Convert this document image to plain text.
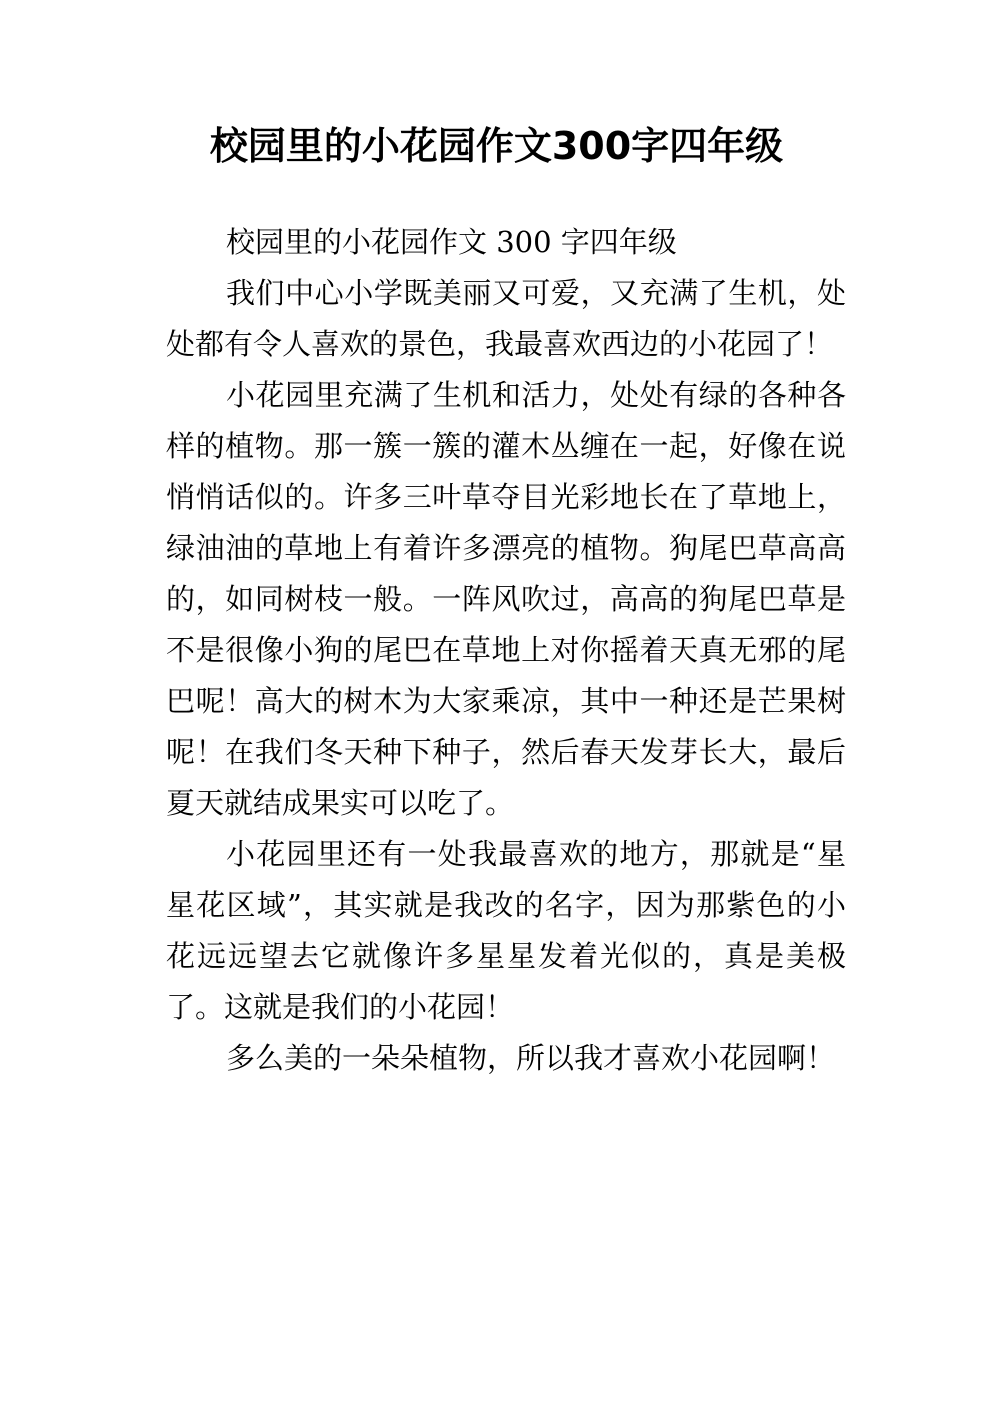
校园里的小花园作文300字四年级

校园里的小花园作文 300 字四年级

我们中心小学既美丽又可爱，又充满了生机，处处都有令人喜欢的景色，我最喜欢西边的小花园了！

小花园里充满了生机和活力，处处有绿的各种各样的植物。那一簇一簇的灌木丛缠在一起，好像在说悄悄话似的。许多三叶草夺目光彩地长在了草地上，绿油油的草地上有着许多漂亮的植物。狗尾巴草高高的，如同树枝一般。一阵风吹过，高高的狗尾巴草是不是很像小狗的尾巴在草地上对你摇着天真无邪的尾巴呢！高大的树木为大家乘凉，其中一种还是芒果树呢！在我们冬天种下种子，然后春天发芽长大，最后夏天就结成果实可以吃了。

小花园里还有一处我最喜欢的地方，那就是“星星花区域”，其实就是我改的名字，因为那紫色的小花远远望去它就像许多星星发着光似的，真是美极了。这就是我们的小花园！

多么美的一朵朵植物，所以我才喜欢小花园啊！
